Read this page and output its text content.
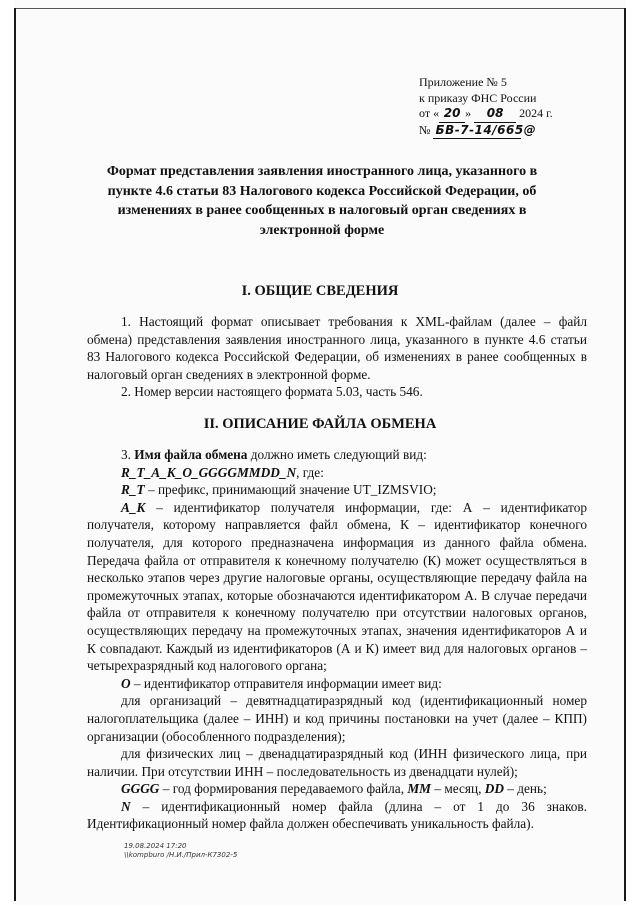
Приложение № 5
к приказу ФНС России
от « 20 » 08 2024 г.
№ БВ-7-14/665@
Формат представления заявления иностранного лица, указанного в пункте 4.6 статьи 83 Налогового кодекса Российской Федерации, об изменениях в ранее сообщенных в налоговый орган сведениях в электронной форме
I. ОБЩИЕ СВЕДЕНИЯ

1. Настоящий формат описывает требования к XML-файлам (далее – файл обмена) представления заявления иностранного лица, указанного в пункте 4.6 статьи 83 Налогового кодекса Российской Федерации, об изменениях в ранее сообщенных в налоговый орган сведениях в электронной форме.

2. Номер версии настоящего формата 5.03, часть 546.

II. ОПИСАНИЕ ФАЙЛА ОБМЕНА

3. Имя файла обмена должно иметь следующий вид:

R_T_A_K_O_GGGGMMDD_N, где:

R_T – префикс, принимающий значение UT_IZMSVIO;

A_K – идентификатор получателя информации, где: А – идентификатор получателя, которому направляется файл обмена, К – идентификатор конечного получателя, для которого предназначена информация из данного файла обмена. Передача файла от отправителя к конечному получателю (К) может осуществляться в несколько этапов через другие налоговые органы, осуществляющие передачу файла на промежуточных этапах, которые обозначаются идентификатором А. В случае передачи файла от отправителя к конечному получателю при отсутствии налоговых органов, осуществляющих передачу на промежуточных этапах, значения идентификаторов А и К совпадают. Каждый из идентификаторов (А и К) имеет вид для налоговых органов – четырехразрядный код налогового органа;

O – идентификатор отправителя информации имеет вид:

для организаций – девятнадцатиразрядный код (идентификационный номер налогоплательщика (далее – ИНН) и код причины постановки на учет (далее – КПП) организации (обособленного подразделения);

для физических лиц – двенадцатиразрядный код (ИНН физического лица, при наличии. При отсутствии ИНН – последовательность из двенадцати нулей);

GGGG – год формирования передаваемого файла, MM – месяц, DD – день;

N – идентификационный номер файла (длина – от 1 до 36 знаков. Идентификационный номер файла должен обеспечивать уникальность файла).

19.08.2024 17:20
\\kompburo /Н.И./Прил-К7302-5
